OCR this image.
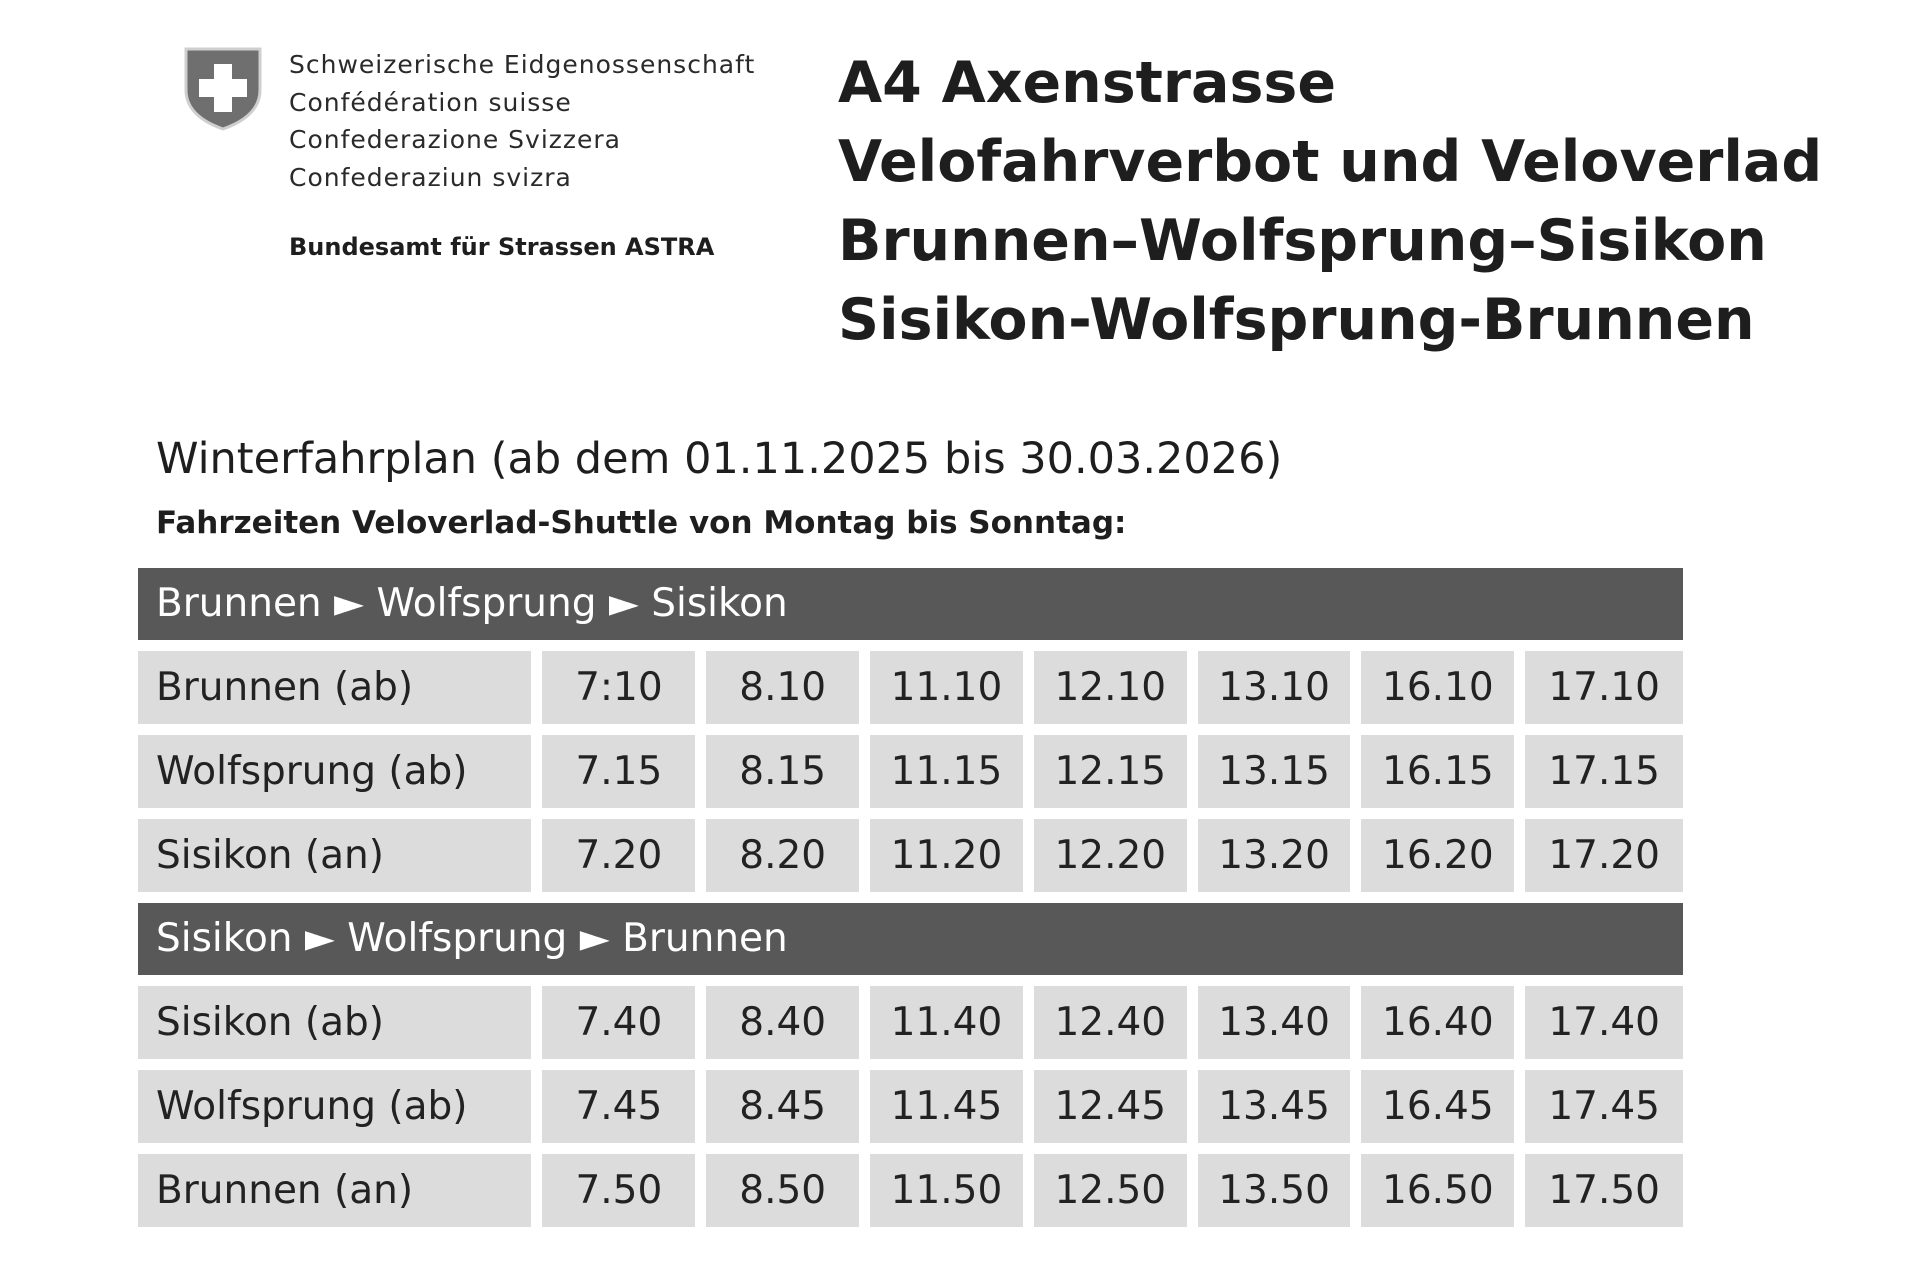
Schweizerische Eidgenossenschaft
Confédération suisse
Confederazione Svizzera
Confederaziun svizra
Bundesamt für Strassen ASTRA
A4 Axenstrasse
Velofahrverbot und Veloverlad
Brunnen–Wolfsprung–Sisikon
Sisikon-Wolfsprung-Brunnen
Winterfahrplan (ab dem 01.11.2025 bis 30.03.2026)
Fahrzeiten Veloverlad-Shuttle von Montag bis Sonntag:
Brunnen ► Wolfsprung ► Sisikon
Brunnen (ab)	7:10	8.10	11.10	12.10	13.10	16.10	17.10
Wolfsprung (ab)	7.15	8.15	11.15	12.15	13.15	16.15	17.15
Sisikon (an)	7.20	8.20	11.20	12.20	13.20	16.20	17.20
Sisikon ► Wolfsprung ► Brunnen
Sisikon (ab)	7.40	8.40	11.40	12.40	13.40	16.40	17.40
Wolfsprung (ab)	7.45	8.45	11.45	12.45	13.45	16.45	17.45
Brunnen (an)	7.50	8.50	11.50	12.50	13.50	16.50	17.50
